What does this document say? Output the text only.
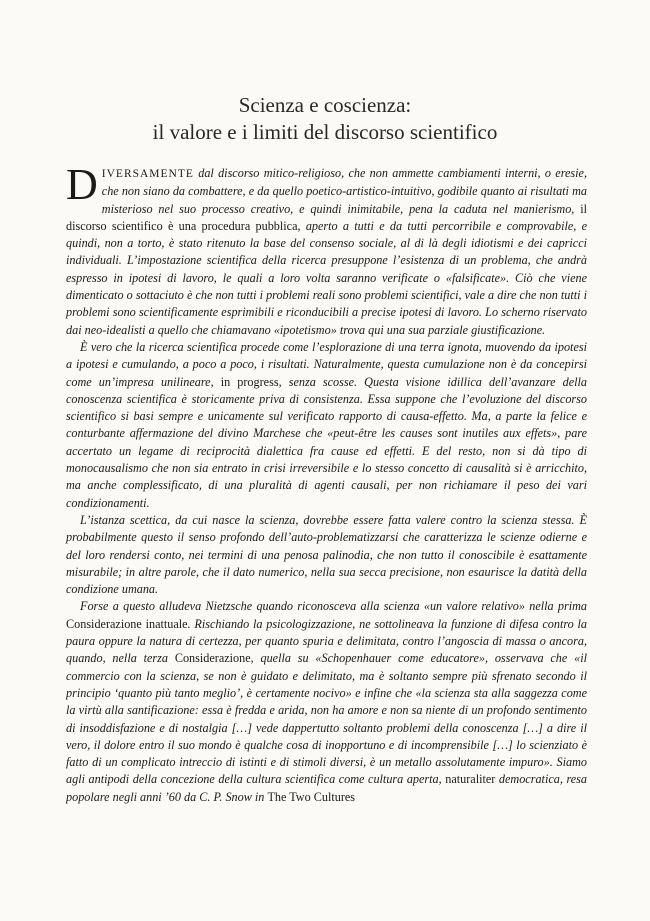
Scienza e coscienza:
il valore e i limiti del discorso scientifico

DIVERSAMENTE dal discorso mitico-religioso, che non ammette cambiamenti interni, o eresie, che non siano da combattere, e da quello poetico-artistico-intuitivo, godibile quanto ai risultati ma misterioso nel suo processo creativo, e quindi inimitabile, pena la caduta nel manierismo, il discorso scientifico è una procedura pubblica, aperto a tutti e da tutti percorribile e comprovabile, e quindi, non a torto, è stato ritenuto la base del consenso sociale, al di là degli idiotismi e dei capricci individuali. L’impostazione scientifica della ricerca presuppone l’esistenza di un problema, che andrà espresso in ipotesi di lavoro, le quali a loro volta saranno verificate o «falsificate». Ciò che viene dimenticato o sottaciuto è che non tutti i problemi reali sono problemi scientifici, vale a dire che non tutti i problemi sono scientificamente esprimibili e riconducibili a precise ipotesi di lavoro. Lo scherno riservato dai neo-idealisti a quello che chiamavano «ipotetismo» trova qui una sua parziale giustificazione.

È vero che la ricerca scientifica procede come l’esplorazione di una terra ignota, muovendo da ipotesi a ipotesi e cumulando, a poco a poco, i risultati. Naturalmente, questa cumulazione non è da concepirsi come un’impresa unilineare, in progress, senza scosse. Questa visione idillica dell’avanzare della conoscenza scientifica è storicamente priva di consistenza. Essa suppone che l’evoluzione del discorso scientifico si basi sempre e unicamente sul verificato rapporto di causa-effetto. Ma, a parte la felice e conturbante affermazione del divino Marchese che «peut-être les causes sont inutiles aux effets», pare accertato un legame di reciprocità dialettica fra cause ed effetti. E del resto, non si dà tipo di monocausalismo che non sia entrato in crisi irreversibile e lo stesso concetto di causalità si è arricchito, ma anche complessificato, di una pluralità di agenti causali, per non richiamare il peso dei vari condizionamenti.

L’istanza scettica, da cui nasce la scienza, dovrebbe essere fatta valere contro la scienza stessa. È probabilmente questo il senso profondo dell’auto-problematizzarsi che caratterizza le scienze odierne e del loro rendersi conto, nei termini di una penosa palinodia, che non tutto il conoscibile è esattamente misurabile; in altre parole, che il dato numerico, nella sua secca precisione, non esaurisce la datità della condizione umana.

Forse a questo alludeva Nietzsche quando riconosceva alla scienza «un valore relativo» nella prima Considerazione inattuale. Rischiando la psicologizzazione, ne sottolineava la funzione di difesa contro la paura oppure la natura di certezza, per quanto spuria e delimitata, contro l’angoscia di massa o ancora, quando, nella terza Considerazione, quella su «Schopenhauer come educatore», osservava che «il commercio con la scienza, se non è guidato e delimitato, ma è soltanto sempre più sfrenato secondo il principio ‘quanto più tanto meglio’, è certamente nocivo» e infine che «la scienza sta alla saggezza come la virtù alla santificazione: essa è fredda e arida, non ha amore e non sa niente di un profondo sentimento di insoddisfazione e di nostalgia […] vede dappertutto soltanto problemi della conoscenza […] a dire il vero, il dolore entro il suo mondo è qualche cosa di inopportuno e di incomprensibile […] lo scienziato è fatto di un complicato intreccio di istinti e di stimoli diversi, è un metallo assolutamente impuro». Siamo agli antipodi della concezione della cultura scientifica come cultura aperta, naturaliter democratica, resa popolare negli anni ’60 da C. P. Snow in The Two Cultures
